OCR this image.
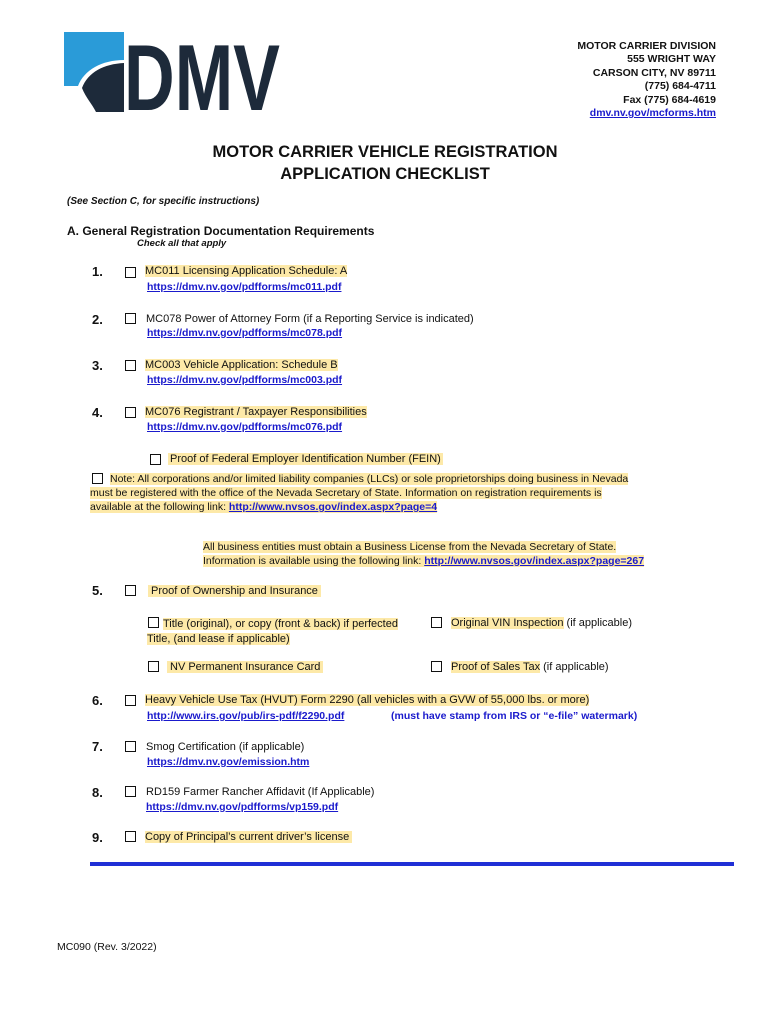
DMV	MOTOR CARRIER DIVISION
555 WRIGHT WAY
CARSON CITY, NV 89711
(775) 684-4711
Fax (775) 684-4619
dmv.nv.gov/mcforms.htm
MOTOR CARRIER VEHICLE REGISTRATION
APPLICATION CHECKLIST
(See Section C, for specific instructions)
A. General Registration Documentation Requirements
Check all that apply
1.	MC011 Licensing Application Schedule: A
https://dmv.nv.gov/pdfforms/mc011.pdf
2.	MC078 Power of Attorney Form (if a Reporting Service is indicated)
https://dmv.nv.gov/pdfforms/mc078.pdf
3.	MC003 Vehicle Application: Schedule B
https://dmv.nv.gov/pdfforms/mc003.pdf
4.	MC076 Registrant / Taxpayer Responsibilities
https://dmv.nv.gov/pdfforms/mc076.pdf
Proof of Federal Employer Identification Number (FEIN)
Note: All corporations and/or limited liability companies (LLCs) or sole proprietorships doing business in Nevada
must be registered with the office of the Nevada Secretary of State. Information on registration requirements is
available at the following link: http://www.nvsos.gov/index.aspx?page=4
All business entities must obtain a Business License from the Nevada Secretary of State.
Information is available using the following link: http://www.nvsos.gov/index.aspx?page=267
5.	Proof of Ownership and Insurance
Title (original), or copy (front & back) if perfected
Title, (and lease if applicable)
Original VIN Inspection (if applicable)
NV Permanent Insurance Card	Proof of Sales Tax (if applicable)
6.	Heavy Vehicle Use Tax (HVUT) Form 2290 (all vehicles with a GVW of 55,000 lbs. or more)
http://www.irs.gov/pub/irs-pdf/f2290.pdf	(must have stamp from IRS or “e-file” watermark)
7.	Smog Certification (if applicable)
https://dmv.nv.gov/emission.htm
8.	RD159 Farmer Rancher Affidavit (If Applicable)
https://dmv.nv.gov/pdfforms/vp159.pdf
9.	Copy of Principal’s current driver’s license
MC090 (Rev. 3/2022)
